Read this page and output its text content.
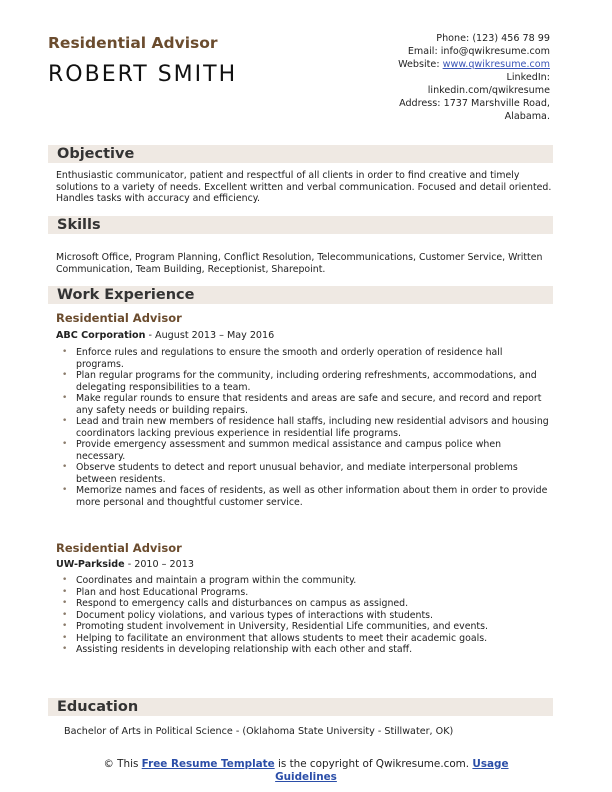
Residential Advisor
ROBERT SMITH
Phone: (123) 456 78 99
Email: info@qwikresume.com
Website: www.qwikresume.com
LinkedIn:
linkedin.com/qwikresume
Address: 1737 Marshville Road,
Alabama.
Objective
Enthusiastic communicator, patient and respectful of all clients in order to find creative and timely solutions to a variety of needs. Excellent written and verbal communication. Focused and detail oriented. Handles tasks with accuracy and efficiency.
Skills
Microsoft Office, Program Planning, Conflict Resolution, Telecommunications, Customer Service, Written Communication, Team Building, Receptionist, Sharepoint.
Work Experience
Residential Advisor
ABC Corporation - August 2013 – May 2016
• Enforce rules and regulations to ensure the smooth and orderly operation of residence hall programs.
• Plan regular programs for the community, including ordering refreshments, accommodations, and delegating responsibilities to a team.
• Make regular rounds to ensure that residents and areas are safe and secure, and record and report any safety needs or building repairs.
• Lead and train new members of residence hall staffs, including new residential advisors and housing coordinators lacking previous experience in residential life programs.
• Provide emergency assessment and summon medical assistance and campus police when necessary.
• Observe students to detect and report unusual behavior, and mediate interpersonal problems between residents.
• Memorize names and faces of residents, as well as other information about them in order to provide more personal and thoughtful customer service.
Residential Advisor
UW-Parkside - 2010 – 2013
• Coordinates and maintain a program within the community.
• Plan and host Educational Programs.
• Respond to emergency calls and disturbances on campus as assigned.
• Document policy violations, and various types of interactions with students.
• Promoting student involvement in University, Residential Life communities, and events.
• Helping to facilitate an environment that allows students to meet their academic goals.
• Assisting residents in developing relationship with each other and staff.
Education
Bachelor of Arts in Political Science - (Oklahoma State University - Stillwater, OK)
© This Free Resume Template is the copyright of Qwikresume.com. Usage
Guidelines
